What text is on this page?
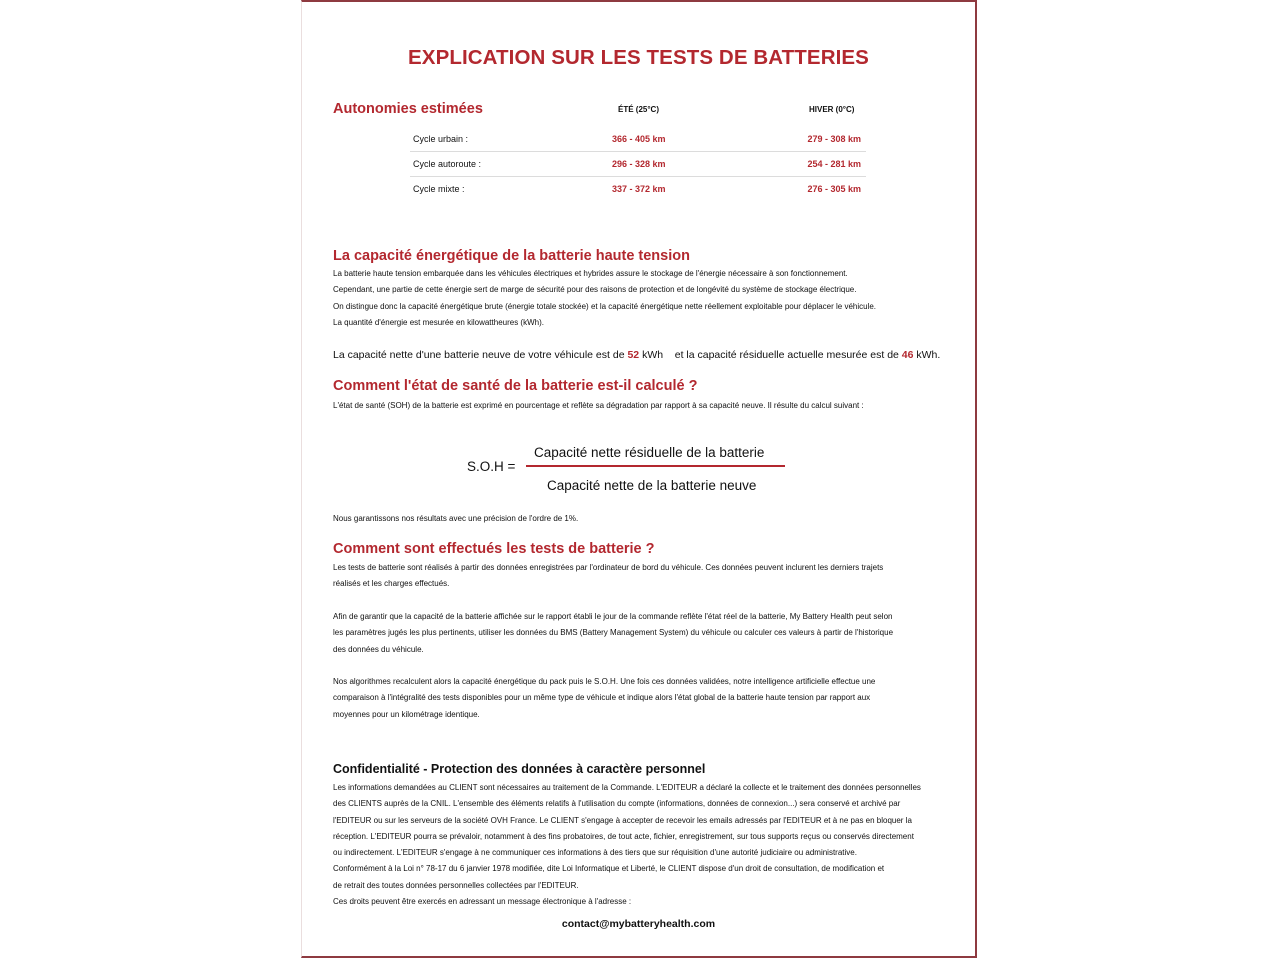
EXPLICATION SUR LES TESTS DE BATTERIES
Autonomies estimées	ÉTÉ (25°C)	HIVER (0°C)
Cycle urbain :	366 - 405 km	279 - 308 km
Cycle autoroute :	296 - 328 km	254 - 281 km
Cycle mixte :	337 - 372 km	276 - 305 km
La capacité énergétique de la batterie haute tension
La batterie haute tension embarquée dans les véhicules électriques et hybrides assure le stockage de l'énergie nécessaire à son fonctionnement.
Cependant, une partie de cette énergie sert de marge de sécurité pour des raisons de protection et de longévité du système de stockage électrique.
On distingue donc la capacité énergétique brute (énergie totale stockée) et la capacité énergétique nette réellement exploitable pour déplacer le véhicule.
La quantité d'énergie est mesurée en kilowattheures (kWh).
La capacité nette d'une batterie neuve de votre véhicule est de 52 kWh    et la capacité résiduelle actuelle mesurée est de 46 kWh.
Comment l'état de santé de la batterie est-il calculé ?
L'état de santé (SOH) de la batterie est exprimé en pourcentage et reflète sa dégradation par rapport à sa capacité neuve. Il résulte du calcul suivant :
S.O.H =
Capacité nette résiduelle de la batterie
Capacité nette de la batterie neuve
Nous garantissons nos résultats avec une précision de l'ordre de 1%.
Comment sont effectués les tests de batterie ?
Les tests de batterie sont réalisés à partir des données enregistrées par l'ordinateur de bord du véhicule. Ces données peuvent inclurent les derniers trajets
réalisés et les charges effectués.
Afin de garantir que la capacité de la batterie affichée sur le rapport établi le jour de la commande reflète l'état réel de la batterie, My Battery Health peut selon
les paramètres jugés les plus pertinents, utiliser les données du BMS (Battery Management System) du véhicule ou calculer ces valeurs à partir de l'historique
des données du véhicule.
Nos algorithmes recalculent alors la capacité énergétique du pack puis le S.O.H. Une fois ces données validées, notre intelligence artificielle effectue une
comparaison à l'intégralité des tests disponibles pour un même type de véhicule et indique alors l'état global de la batterie haute tension par rapport aux
moyennes pour un kilométrage identique.
Confidentialité - Protection des données à caractère personnel
Les informations demandées au CLIENT sont nécessaires au traitement de la Commande. L'EDITEUR a déclaré la collecte et le traitement des données personnelles
des CLIENTS auprès de la CNIL. L'ensemble des éléments relatifs à l'utilisation du compte (informations, données de connexion...) sera conservé et archivé par
l'EDITEUR ou sur les serveurs de la société OVH France. Le CLIENT s'engage à accepter de recevoir les emails adressés par l'EDITEUR et à ne pas en bloquer la
réception. L'EDITEUR pourra se prévaloir, notamment à des fins probatoires, de tout acte, fichier, enregistrement, sur tous supports reçus ou conservés directement
ou indirectement. L'EDITEUR s'engage à ne communiquer ces informations à des tiers que sur réquisition d'une autorité judiciaire ou administrative.
Conformément à la Loi n° 78-17 du 6 janvier 1978 modifiée, dite Loi Informatique et Liberté, le CLIENT dispose d'un droit de consultation, de modification et
de retrait des toutes données personnelles collectées par l'EDITEUR.
Ces droits peuvent être exercés en adressant un message électronique à l'adresse :
contact@mybatteryhealth.com
